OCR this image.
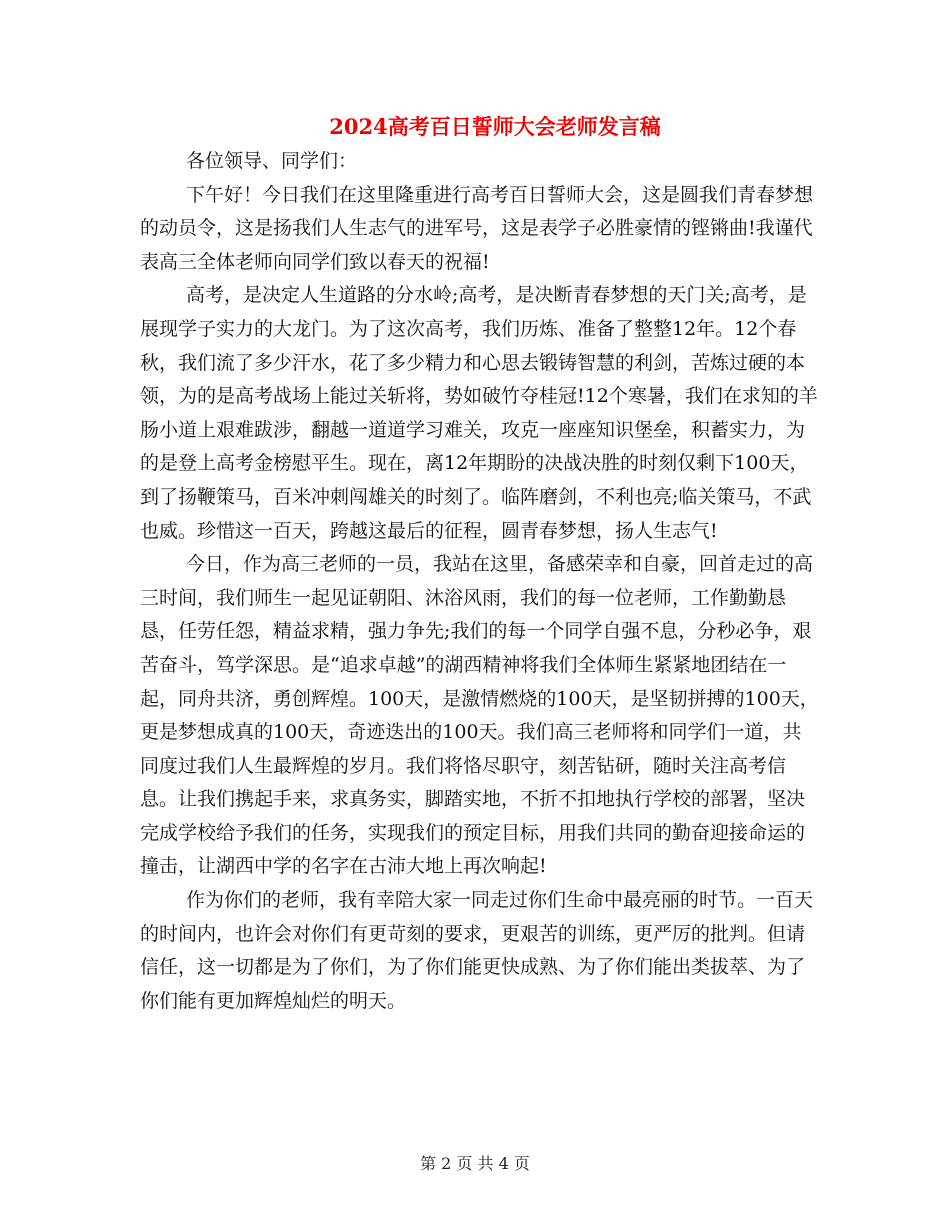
2024高考百日誓师大会老师发言稿

各位领导、同学们：

下午好！今日我们在这里隆重进行高考百日誓师大会，这是圆我们青春梦想的动员令，这是扬我们人生志气的进军号，这是表学子必胜豪情的铿锵曲!我谨代表高三全体老师向同学们致以春天的祝福!

高考，是决定人生道路的分水岭;高考，是决断青春梦想的天门关;高考，是展现学子实力的大龙门。为了这次高考，我们历炼、准备了整整12年。12个春秋，我们流了多少汗水，花了多少精力和心思去锻铸智慧的利剑，苦炼过硬的本领，为的是高考战场上能过关斩将，势如破竹夺桂冠!12个寒暑，我们在求知的羊肠小道上艰难跋涉，翻越一道道学习难关，攻克一座座知识堡垒，积蓄实力，为的是登上高考金榜慰平生。现在，离12年期盼的决战决胜的时刻仅剩下100天，到了扬鞭策马，百米冲刺闯雄关的时刻了。临阵磨剑，不利也亮;临关策马，不武也威。珍惜这一百天，跨越这最后的征程，圆青春梦想，扬人生志气!

今日，作为高三老师的一员，我站在这里，备感荣幸和自豪，回首走过的高三时间，我们师生一起见证朝阳、沐浴风雨，我们的每一位老师，工作勤勤恳恳，任劳任怨，精益求精，强力争先;我们的每一个同学自强不息，分秒必争，艰苦奋斗，笃学深思。是“追求卓越”的湖西精神将我们全体师生紧紧地团结在一起，同舟共济，勇创辉煌。100天，是激情燃烧的100天，是坚韧拼搏的100天，更是梦想成真的100天，奇迹迭出的100天。我们高三老师将和同学们一道，共同度过我们人生最辉煌的岁月。我们将恪尽职守，刻苦钻研，随时关注高考信息。让我们携起手来，求真务实，脚踏实地，不折不扣地执行学校的部署，坚决完成学校给予我们的任务，实现我们的预定目标，用我们共同的勤奋迎接命运的撞击，让湖西中学的名字在古沛大地上再次响起!

作为你们的老师，我有幸陪大家一同走过你们生命中最亮丽的时节。一百天的时间内，也许会对你们有更苛刻的要求，更艰苦的训练，更严厉的批判。但请信任，这一切都是为了你们，为了你们能更快成熟、为了你们能出类拔萃、为了你们能有更加辉煌灿烂的明天。

第 2 页 共 4 页
